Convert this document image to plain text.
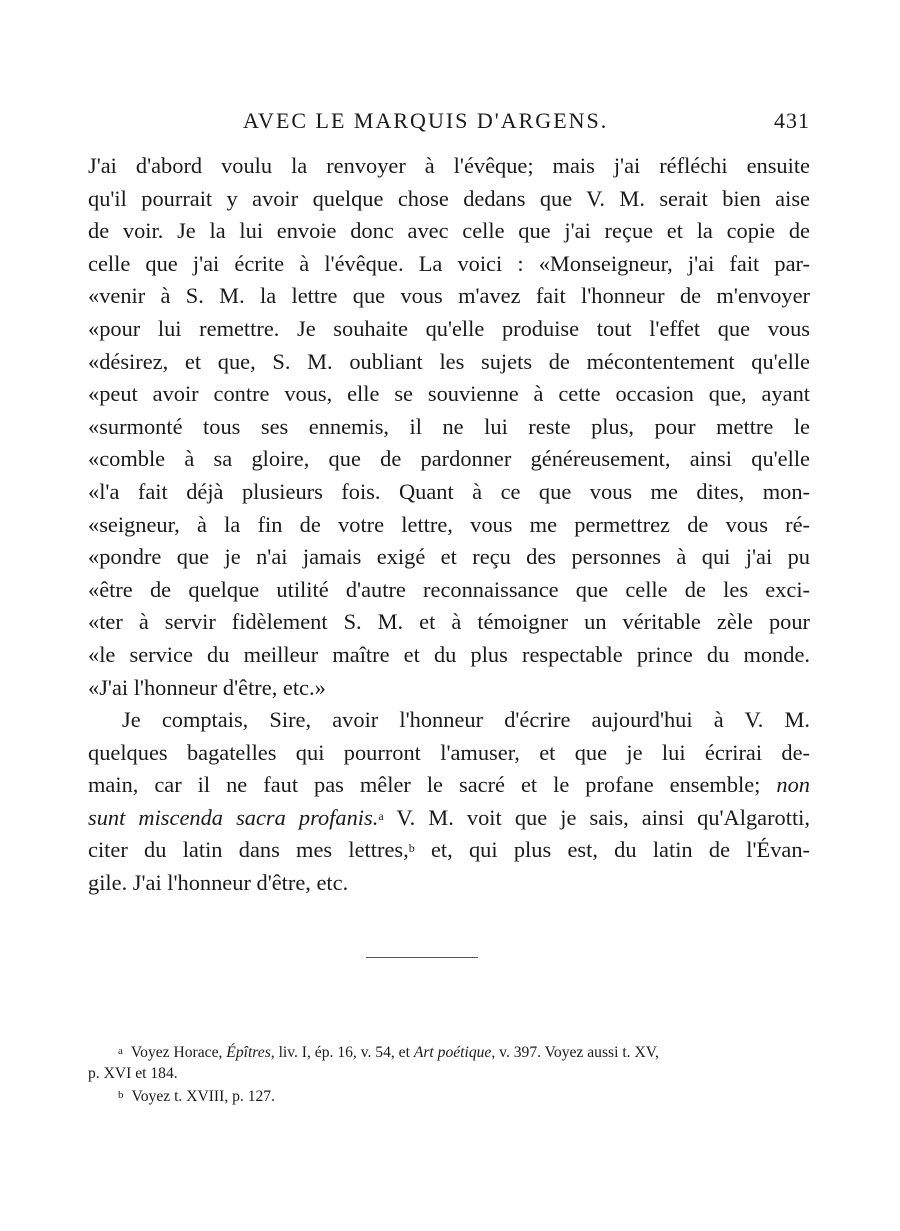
AVEC LE MARQUIS D'ARGENS.	431

J'ai d'abord voulu la renvoyer à l'évêque; mais j'ai réfléchi ensuite
qu'il pourrait y avoir quelque chose dedans que V. M. serait bien aise
de voir. Je la lui envoie donc avec celle que j'ai reçue et la copie de
celle que j'ai écrite à l'évêque. La voici : «Monseigneur, j'ai fait par-
«venir à S. M. la lettre que vous m'avez fait l'honneur de m'envoyer
«pour lui remettre. Je souhaite qu'elle produise tout l'effet que vous
«désirez, et que, S. M. oubliant les sujets de mécontentement qu'elle
«peut avoir contre vous, elle se souvienne à cette occasion que, ayant
«surmonté tous ses ennemis, il ne lui reste plus, pour mettre le
«comble à sa gloire, que de pardonner généreusement, ainsi qu'elle
«l'a fait déjà plusieurs fois. Quant à ce que vous me dites, mon-
«seigneur, à la fin de votre lettre, vous me permettrez de vous ré-
«pondre que je n'ai jamais exigé et reçu des personnes à qui j'ai pu
«être de quelque utilité d'autre reconnaissance que celle de les exci-
«ter à servir fidèlement S. M. et à témoigner un véritable zèle pour
«le service du meilleur maître et du plus respectable prince du monde.
«J'ai l'honneur d'être, etc.»

Je comptais, Sire, avoir l'honneur d'écrire aujourd'hui à V. M.
quelques bagatelles qui pourront l'amuser, et que je lui écrirai de-
main, car il ne faut pas mêler le sacré et le profane ensemble; non
sunt miscenda sacra profanis.$^a$ V. M. voit que je sais, ainsi qu'Algarotti,
citer du latin dans mes lettres,$^b$ et, qui plus est, du latin de l'Évan-
gile. J'ai l'honneur d'être, etc.

$^a$ Voyez Horace, Épîtres, liv. I, ép. 16, v. 54, et Art poétique, v. 397. Voyez aussi t. XV,
p. XVI et 184.
$^b$ Voyez t. XVIII, p. 127.
